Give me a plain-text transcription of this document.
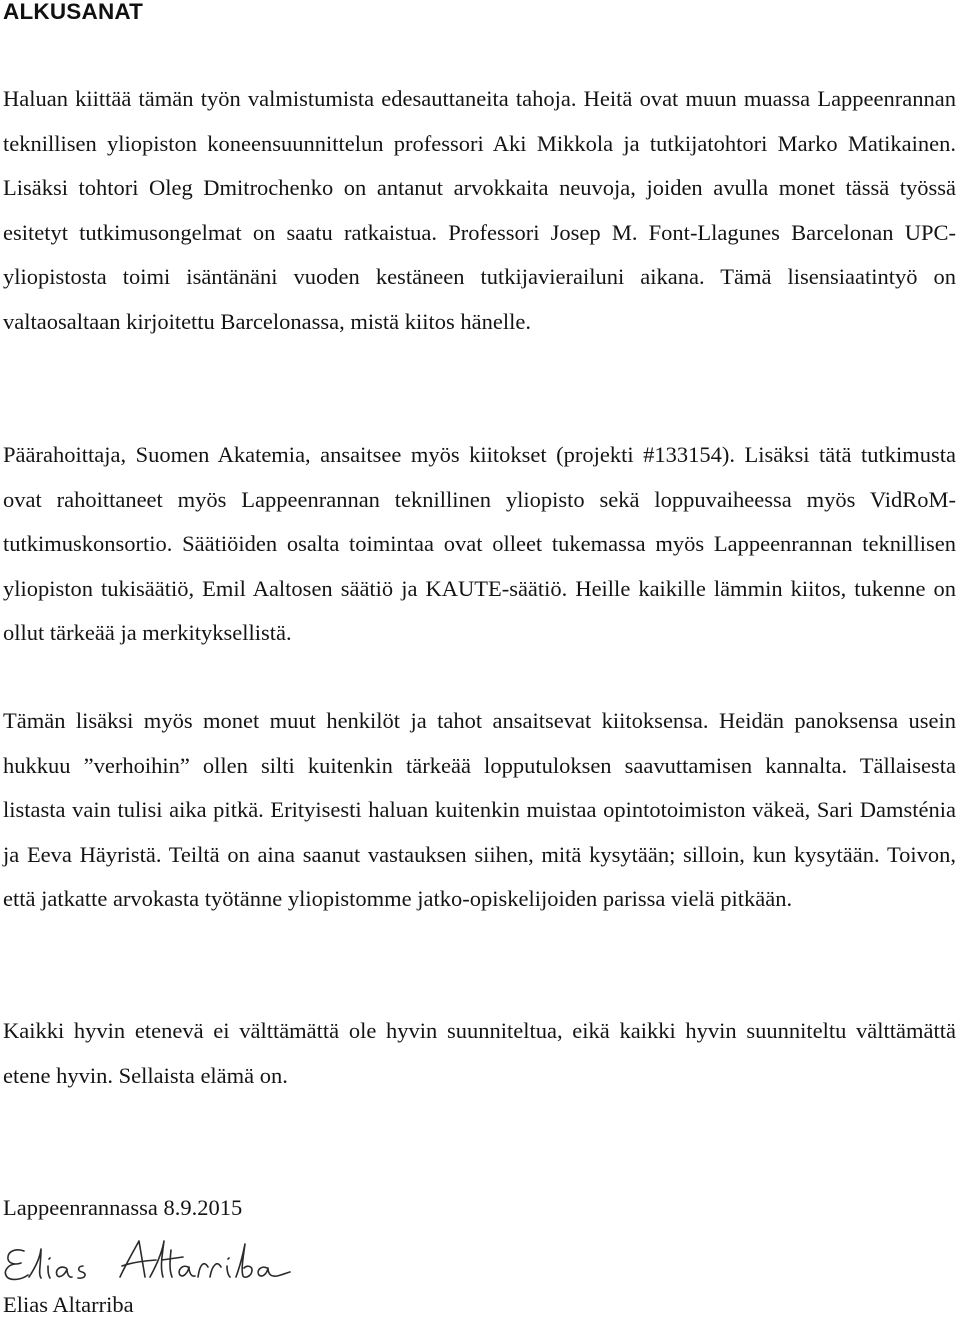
ALKUSANAT

Haluan kiittää tämän työn valmistumista edesauttaneita tahoja. Heitä ovat muun muassa Lappeenrannan teknillisen yliopiston koneensuunnittelun professori Aki Mikkola ja tutkijatohtori Marko Matikainen. Lisäksi tohtori Oleg Dmitrochenko on antanut arvokkaita neuvoja, joiden avulla monet tässä työssä esitetyt tutkimusongelmat on saatu ratkaistua. Professori Josep M. Font-Llagunes Barcelonan UPC-yliopistosta toimi isäntänäni vuoden kestäneen tutkijavierailuni aikana. Tämä lisensiaatintyö on valtaosaltaan kirjoitettu Barcelonassa, mistä kiitos hänelle.

Päärahoittaja, Suomen Akatemia, ansaitsee myös kiitokset (projekti #133154). Lisäksi tätä tutkimusta ovat rahoittaneet myös Lappeenrannan teknillinen yliopisto sekä loppuvaiheessa myös VidRoM-tutkimuskonsortio. Säätiöiden osalta toimintaa ovat olleet tukemassa myös Lappeenrannan teknillisen yliopiston tukisäätiö, Emil Aaltosen säätiö ja KAUTE-säätiö. Heille kaikille lämmin kiitos, tukenne on ollut tärkeää ja merkityksellistä.

Tämän lisäksi myös monet muut henkilöt ja tahot ansaitsevat kiitoksensa. Heidän panoksensa usein hukkuu ”verhoihin” ollen silti kuitenkin tärkeää lopputuloksen saavuttamisen kannalta. Tällaisesta listasta vain tulisi aika pitkä. Erityisesti haluan kuitenkin muistaa opintotoimiston väkeä, Sari Damsténia ja Eeva Häyristä. Teiltä on aina saanut vastauksen siihen, mitä kysytään; silloin, kun kysytään. Toivon, että jatkatte arvokasta työtänne yliopistomme jatko-opiskelijoiden parissa vielä pitkään.

Kaikki hyvin etenevä ei välttämättä ole hyvin suunniteltua, eikä kaikki hyvin suunniteltu välttämättä etene hyvin. Sellaista elämä on.

Lappeenrannassa 8.9.2015

Elias Altarriba
